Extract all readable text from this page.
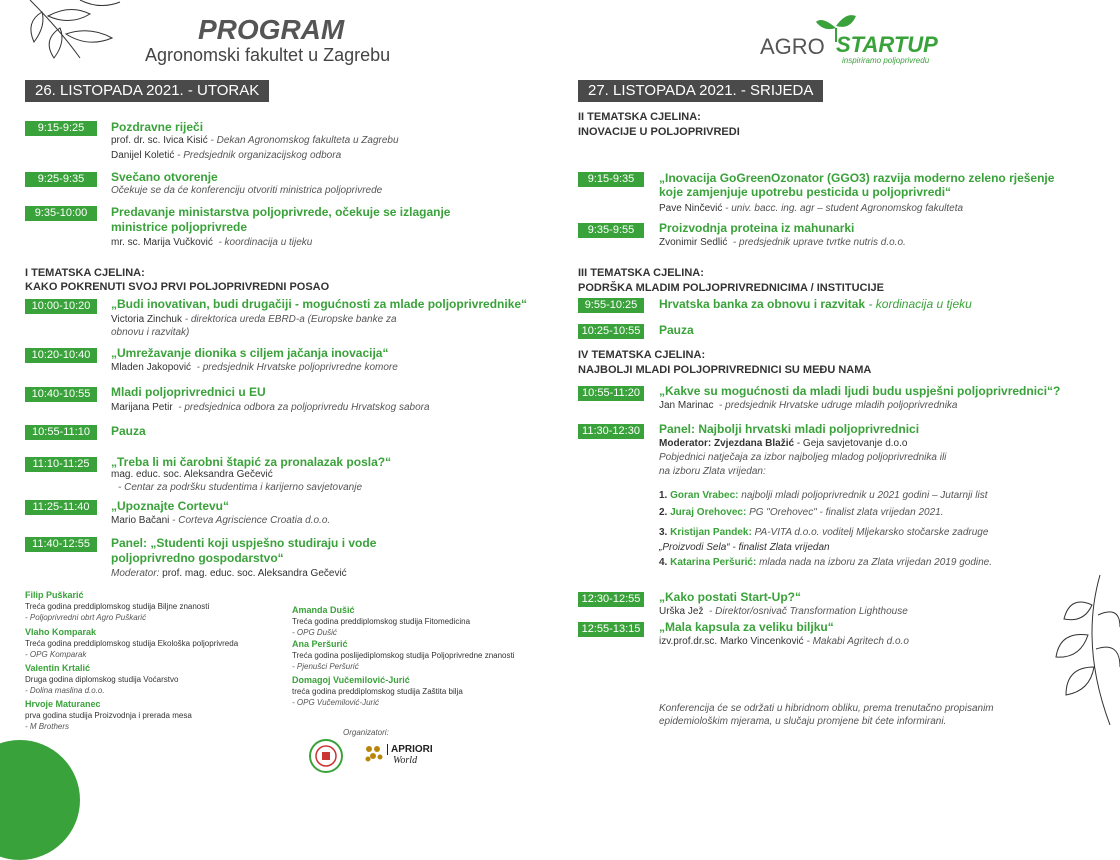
PROGRAM
Agronomski fakultet u Zagrebu	AGRO STARTUP
inspiriramo poljoprivredu
26. LISTOPADA 2021. - UTORAK
9:15-9:25	Pozdravne riječi
prof. dr. sc. Ivica Kisić - Dekan Agronomskog fakulteta u Zagrebu
Danijel Koletić - Predsjednik organizacijskog odbora
9:25-9:35	Svečano otvorenje
Očekuje se da će konferenciju otvoriti ministrica poljoprivrede
9:35-10:00	Predavanje ministarstva poljoprivrede, očekuje se izlaganje
ministrice poljoprivrede
mr. sc. Marija Vučković - koordinacija u tijeku
I TEMATSKA CJELINA:
KAKO POKRENUTI SVOJ PRVI POLJOPRIVREDNI POSAO
10:00-10:20	„Budi inovativan, budi drugačiji - mogućnosti za mlade poljoprivrednike“
Victoria Zinchuk - direktorica ureda EBRD-a (Europske banke za
obnovu i razvitak)
10:20-10:40	„Umrežavanje dionika s ciljem jačanja inovacija“
Mladen Jakopović - predsjednik Hrvatske poljoprivredne komore
10:40-10:55	Mladi poljoprivrednici u EU
Marijana Petir - predsjednica odbora za poljoprivredu Hrvatskog sabora
10:55-11:10	Pauza
11:10-11:25	„Treba li mi čarobni štapić za pronalazak posla?“
mag. educ. soc. Aleksandra Gečević
- Centar za podršku studentima i karijerno savjetovanje
11:25-11:40	„Upoznajte Cortevu“
Mario Bačani - Corteva Agriscience Croatia d.o.o.
11:40-12:55	Panel: „Studenti koji uspješno studiraju i vode
poljoprivredno gospodarstvo“
Moderator: prof. mag. educ. soc. Aleksandra Gečević
Filip Puškarić
Treća godina preddiplomskog studija Biljne znanosti
- Poljoprivredni obrt Agro Puškarić
Vlaho Komparak
Treća godina preddiplomskog studija Ekološka poljoprivreda
- OPG Komparak
Valentin Krtalić
Druga godina diplomskog studija Voćarstvo
- Dolina maslina d.o.o.
Hrvoje Maturanec
prva godina studija Proizvodnja i prerada mesa
- M Brothers
Amanda Dušić
Treća godina preddiplomskog studija Fitomedicina
- OPG Dušić
Ana Peršurić
Treća godina poslijediplomskog studija Poljoprivredne znanosti
- Pjenušci Peršurić
Domagoj Vučemilović-Jurić
treća godina preddiplomskog studija Zaštita bilja
- OPG Vučemilović-Jurić
Organizatori:
APRIORI
World
27. LISTOPADA 2021. - SRIJEDA
II TEMATSKA CJELINA:
INOVACIJE U POLJOPRIVREDI
9:15-9:35	„Inovacija GoGreenOzonator (GGO3) razvija moderno zeleno rješenje
koje zamjenjuje upotrebu pesticida u poljoprivredi“
Pave Ninčević - univ. bacc. ing. agr – student Agronomskog fakulteta
9:35-9:55	Proizvodnja proteina iz mahunarki
Zvonimir Sedlić - predsjednik uprave tvrtke nutris d.o.o.
III TEMATSKA CJELINA:
PODRŠKA MLADIM POLJOPRIVREDNICIMA / INSTITUCIJE
9:55-10:25	Hrvatska banka za obnovu i razvitak - kordinacija u tjeku
10:25-10:55	Pauza
IV TEMATSKA CJELINA:
NAJBOLJI MLADI POLJOPRIVREDNICI SU MEĐU NAMA
10:55-11:20	„Kakve su mogućnosti da mladi ljudi budu uspješni poljoprivrednici“?
Jan Marinac - predsjednik Hrvatske udruge mladih poljoprivrednika
11:30-12:30	Panel: Najbolji hrvatski mladi poljoprivrednici
Moderator: Zvjezdana Blažić - Geja savjetovanje d.o.o
Pobjednici natječaja za izbor najboljeg mladog poljoprivrednika ili
na izboru Zlata vrijedan:
1. Goran Vrabec: najbolji mladi poljoprivrednik u 2021 godini – Jutarnji list
2. Juraj Orehovec: PG "Orehovec" - finalist zlata vrijedan 2021.
3. Kristijan Pandek: PA-VITA d.o.o. voditelj Mljekarsko stočarske zadruge
„Proizvodi Sela“ - finalist Zlata vrijedan
4. Katarina Peršurić: mlada nada na izboru za Zlata vrijedan 2019 godine.
12:30-12:55	„Kako postati Start-Up?“
Urška Jež - Direktor/osnivač Transformation Lighthouse
12:55-13:15	„Mala kapsula za veliku biljku“
izv.prof.dr.sc. Marko Vincenković - Makabi Agritech d.o.o
Konferencija će se održati u hibridnom obliku, prema trenutačno propisanim
epidemiološkim mjerama, u slučaju promjene bit ćete informirani.
